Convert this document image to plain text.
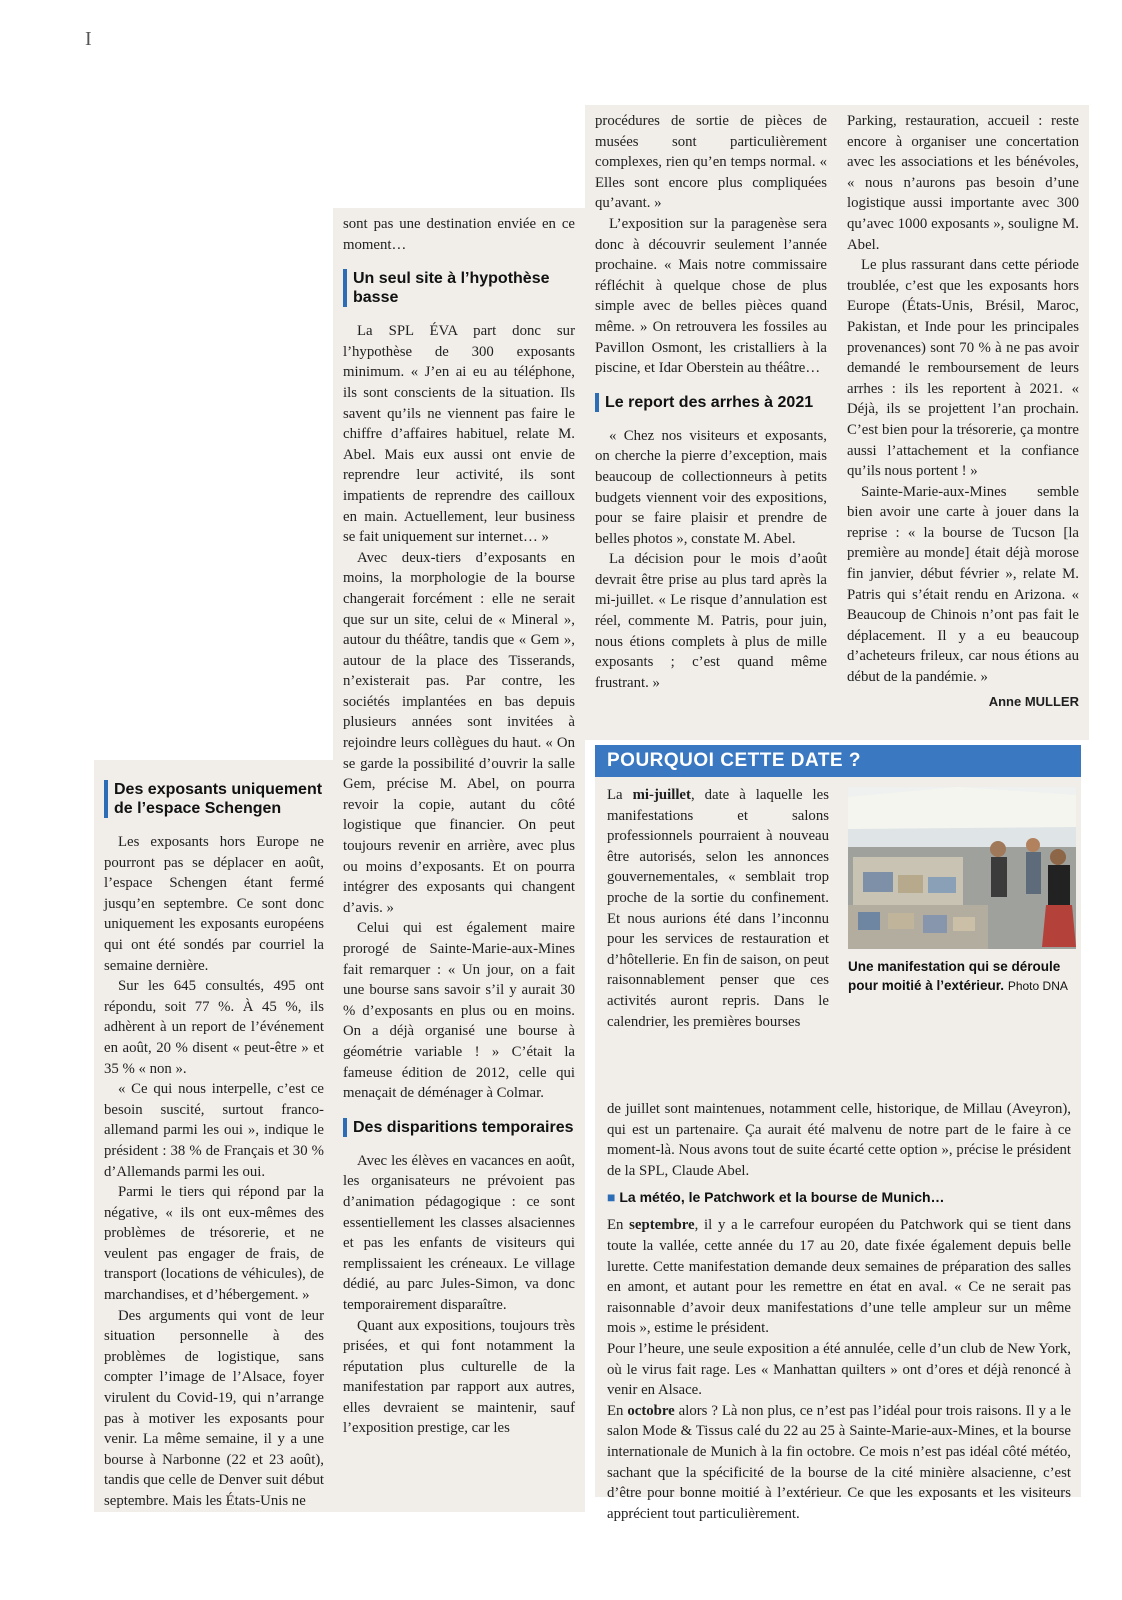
I
Des exposants uniquement de l’espace Schengen

Les exposants hors Europe ne pourront pas se déplacer en août, l’espace Schengen étant fermé jusqu’en septembre. Ce sont donc uniquement les exposants européens qui ont été sondés par courriel la semaine dernière.

Sur les 645 consultés, 495 ont répondu, soit 77 %. À 45 %, ils adhèrent à un report de l’événement en août, 20 % disent « peut-être » et 35 % « non ».

« Ce qui nous interpelle, c’est ce besoin suscité, surtout franco-allemand parmi les oui », indique le président : 38 % de Français et 30 % d’Allemands parmi les oui.

Parmi le tiers qui répond par la négative, « ils ont eux-mêmes des problèmes de trésorerie, et ne veulent pas engager de frais, de transport (locations de véhicules), de marchandises, et d’hébergement. »

Des arguments qui vont de leur situation personnelle à des problèmes de logistique, sans compter l’image de l’Alsace, foyer virulent du Covid-19, qui n’arrange pas à motiver les exposants pour venir. La même semaine, il y a une bourse à Narbonne (22 et 23 août), tandis que celle de Denver suit début septembre. Mais les États-Unis ne

sont pas une destination enviée en ce moment…

Un seul site à l’hypothèse basse

La SPL ÉVA part donc sur l’hypothèse de 300 exposants minimum. « J’en ai eu au téléphone, ils sont conscients de la situation. Ils savent qu’ils ne viennent pas faire le chiffre d’affaires habituel, relate M. Abel. Mais eux aussi ont envie de reprendre leur activité, ils sont impatients de reprendre des cailloux en main. Actuellement, leur business se fait uniquement sur internet… »

Avec deux-tiers d’exposants en moins, la morphologie de la bourse changerait forcément : elle ne serait que sur un site, celui de « Mineral », autour du théâtre, tandis que « Gem », autour de la place des Tisserands, n’existerait pas. Par contre, les sociétés implantées en bas depuis plusieurs années sont invitées à rejoindre leurs collègues du haut. « On se garde la possibilité d’ouvrir la salle Gem, précise M. Abel, on pourra revoir la copie, autant du côté logistique que financier. On peut toujours revenir en arrière, avec plus ou moins d’exposants. Et on pourra intégrer des exposants qui changent d’avis. »

Celui qui est également maire prorogé de Sainte-Marie-aux-Mines fait remarquer : « Un jour, on a fait une bourse sans savoir s’il y aurait 30 % d’exposants en plus ou en moins. On a déjà organisé une bourse à géométrie variable ! » C’était la fameuse édition de 2012, celle qui menaçait de déménager à Colmar.

Des disparitions temporaires

Avec les élèves en vacances en août, les organisateurs ne prévoient pas d’animation pédagogique : ce sont essentiellement les classes alsaciennes et pas les enfants de visiteurs qui remplissaient les créneaux. Le village dédié, au parc Jules-Simon, va donc temporairement disparaître.

Quant aux expositions, toujours très prisées, et qui font notamment la réputation plus culturelle de la manifestation par rapport aux autres, elles devraient se maintenir, sauf l’exposition prestige, car les

procédures de sortie de pièces de musées sont particulièrement complexes, rien qu’en temps normal. « Elles sont encore plus compliquées qu’avant. »

L’exposition sur la paragenèse sera donc à découvrir seulement l’année prochaine. « Mais notre commissaire réfléchit à quelque chose de plus simple avec de belles pièces quand même. » On retrouvera les fossiles au Pavillon Osmont, les cristalliers à la piscine, et Idar Oberstein au théâtre…

Le report des arrhes à 2021

« Chez nos visiteurs et exposants, on cherche la pierre d’exception, mais beaucoup de collectionneurs à petits budgets viennent voir des expositions, pour se faire plaisir et prendre de belles photos », constate M. Abel.

La décision pour le mois d’août devrait être prise au plus tard après la mi-juillet. « Le risque d’annulation est réel, commente M. Patris, pour juin, nous étions complets à plus de mille exposants ; c’est quand même frustrant. »

Parking, restauration, accueil : reste encore à organiser une concertation avec les associations et les bénévoles, « nous n’aurons pas besoin d’une logistique aussi importante avec 300 qu’avec 1000 exposants », souligne M. Abel.

Le plus rassurant dans cette période troublée, c’est que les exposants hors Europe (États-Unis, Brésil, Maroc, Pakistan, et Inde pour les principales provenances) sont 70 % à ne pas avoir demandé le remboursement de leurs arrhes : ils les reportent à 2021. « Déjà, ils se projettent l’an prochain. C’est bien pour la trésorerie, ça montre aussi l’attachement et la confiance qu’ils nous portent ! »

Sainte-Marie-aux-Mines semble bien avoir une carte à jouer dans la reprise : « la bourse de Tucson [la première au monde] était déjà morose fin janvier, début février », relate M. Patris qui s’était rendu en Arizona. « Beaucoup de Chinois n’ont pas fait le déplacement. Il y a eu beaucoup d’acheteurs frileux, car nous étions au début de la pandémie. »

Anne MULLER
POURQUOI CETTE DATE ?

La mi-juillet, date à laquelle les manifestations et salons professionnels pourraient à nouveau être autorisés, selon les annonces gouvernementales, « semblait trop proche de la sortie du confinement. Et nous aurions été dans l’inconnu pour les services de restauration et d’hôtellerie. En fin de saison, on peut raisonnablement penser que ces activités auront repris. Dans le calendrier, les premières bourses

Une manifestation qui se déroule pour moitié à l’extérieur. Photo DNA

de juillet sont maintenues, notamment celle, historique, de Millau (Aveyron), qui est un partenaire. Ça aurait été malvenu de notre part de le faire à ce moment-là. Nous avons tout de suite écarté cette option », précise le président de la SPL, Claude Abel.

■ La météo, le Patchwork et la bourse de Munich…

En septembre, il y a le carrefour européen du Patchwork qui se tient dans toute la vallée, cette année du 17 au 20, date fixée également depuis belle lurette. Cette manifestation demande deux semaines de préparation des salles en amont, et autant pour les remettre en état en aval. « Ce ne serait pas raisonnable d’avoir deux manifestations d’une telle ampleur sur un même mois », estime le président.

Pour l’heure, une seule exposition a été annulée, celle d’un club de New York, où le virus fait rage. Les « Manhattan quilters » ont d’ores et déjà renoncé à venir en Alsace.

En octobre alors ? Là non plus, ce n’est pas l’idéal pour trois raisons. Il y a le salon Mode & Tissus calé du 22 au 25 à Sainte-Marie-aux-Mines, et la bourse internationale de Munich à la fin octobre. Ce mois n’est pas idéal côté météo, sachant que la spécificité de la bourse de la cité minière alsacienne, c’est d’être pour bonne moitié à l’extérieur. Ce que les exposants et les visiteurs apprécient tout particulièrement.
